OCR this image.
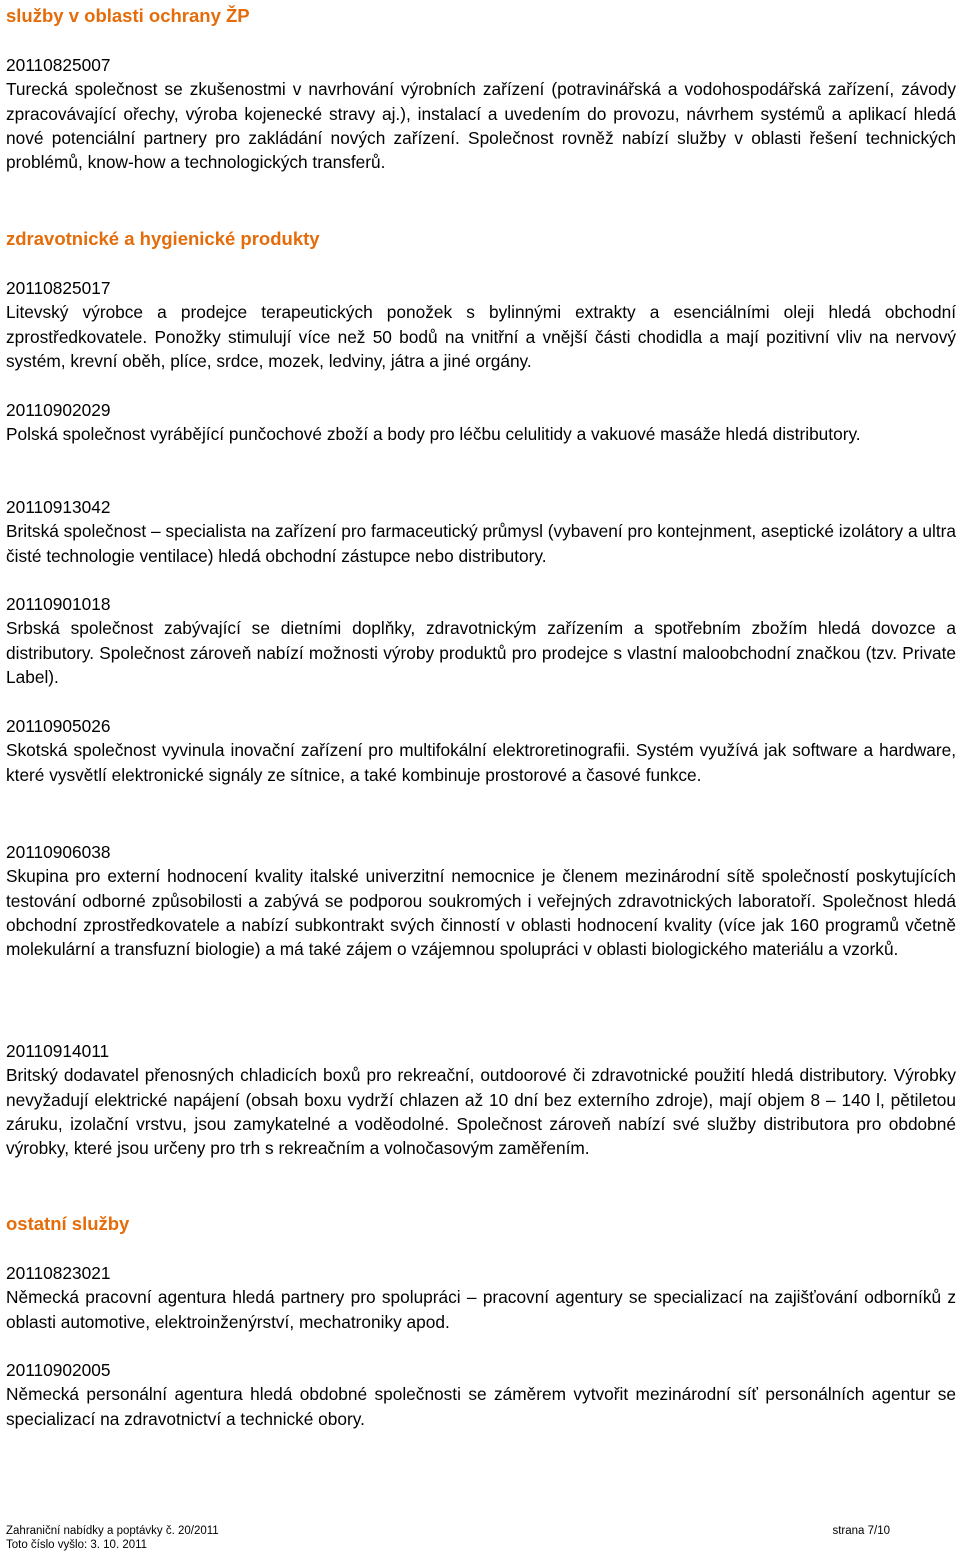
služby v oblasti ochrany ŽP

20110825007

Turecká společnost se zkušenostmi v navrhování výrobních zařízení (potravinářská a vodohospodářská zařízení, závody zpracovávající ořechy, výroba kojenecké stravy aj.), instalací a uvedením do provozu, návrhem systémů a aplikací hledá nové potenciální partnery pro zakládání nových zařízení. Společnost rovněž nabízí služby v oblasti řešení technických problémů, know-how a technologických transferů.

zdravotnické a hygienické produkty

20110825017

Litevský výrobce a prodejce terapeutických ponožek s bylinnými extrakty a esenciálními oleji hledá obchodní zprostředkovatele. Ponožky stimulují více než 50 bodů na vnitřní a vnější části chodidla a mají pozitivní vliv na nervový systém, krevní oběh, plíce, srdce, mozek, ledviny, játra a jiné orgány.

20110902029

Polská společnost vyrábějící punčochové zboží a body pro léčbu celulitidy a vakuové masáže hledá distributory.

20110913042

Britská společnost – specialista na zařízení pro farmaceutický průmysl (vybavení pro kontejnment, aseptické izolátory a ultra čisté technologie ventilace) hledá obchodní zástupce nebo distributory.

20110901018

Srbská společnost zabývající se dietními doplňky, zdravotnickým zařízením a spotřebním zbožím hledá dovozce a distributory. Společnost zároveň nabízí možnosti výroby produktů pro prodejce s vlastní maloobchodní značkou (tzv. Private Label).

20110905026

Skotská společnost vyvinula inovační zařízení pro multifokální elektroretinografii. Systém využívá jak software a hardware, které vysvětlí elektronické signály ze sítnice, a také kombinuje prostorové a časové funkce.

20110906038

Skupina pro externí hodnocení kvality italské univerzitní nemocnice je členem mezinárodní sítě společností poskytujících testování odborné způsobilosti a zabývá se podporou soukromých i veřejných zdravotnických laboratoří. Společnost hledá obchodní zprostředkovatele a nabízí subkontrakt svých činností v oblasti hodnocení kvality (více jak 160 programů včetně molekulární a transfuzní biologie) a má také zájem o vzájemnou spolupráci v oblasti biologického materiálu a vzorků.

20110914011

Britský dodavatel přenosných chladicích boxů pro rekreační, outdoorové či zdravotnické použití hledá distributory. Výrobky nevyžadují elektrické napájení (obsah boxu vydrží chlazen až 10 dní bez externího zdroje), mají objem 8 – 140 l, pětiletou záruku, izolační vrstvu, jsou zamykatelné a voděodolné. Společnost zároveň nabízí své služby distributora pro obdobné výrobky, které jsou určeny pro trh s rekreačním a volnočasovým zaměřením.

ostatní služby

20110823021

Německá pracovní agentura hledá partnery pro spolupráci – pracovní agentury se specializací na zajišťování odborníků z oblasti automotive, elektroinženýrství, mechatroniky apod.

20110902005

Německá personální agentura hledá obdobné společnosti se záměrem vytvořit mezinárodní síť personálních agentur se specializací na zdravotnictví a technické obory.

Zahraniční nabídky a poptávky č. 20/2011	strana 7/10
Toto číslo vyšlo: 3. 10. 2011
